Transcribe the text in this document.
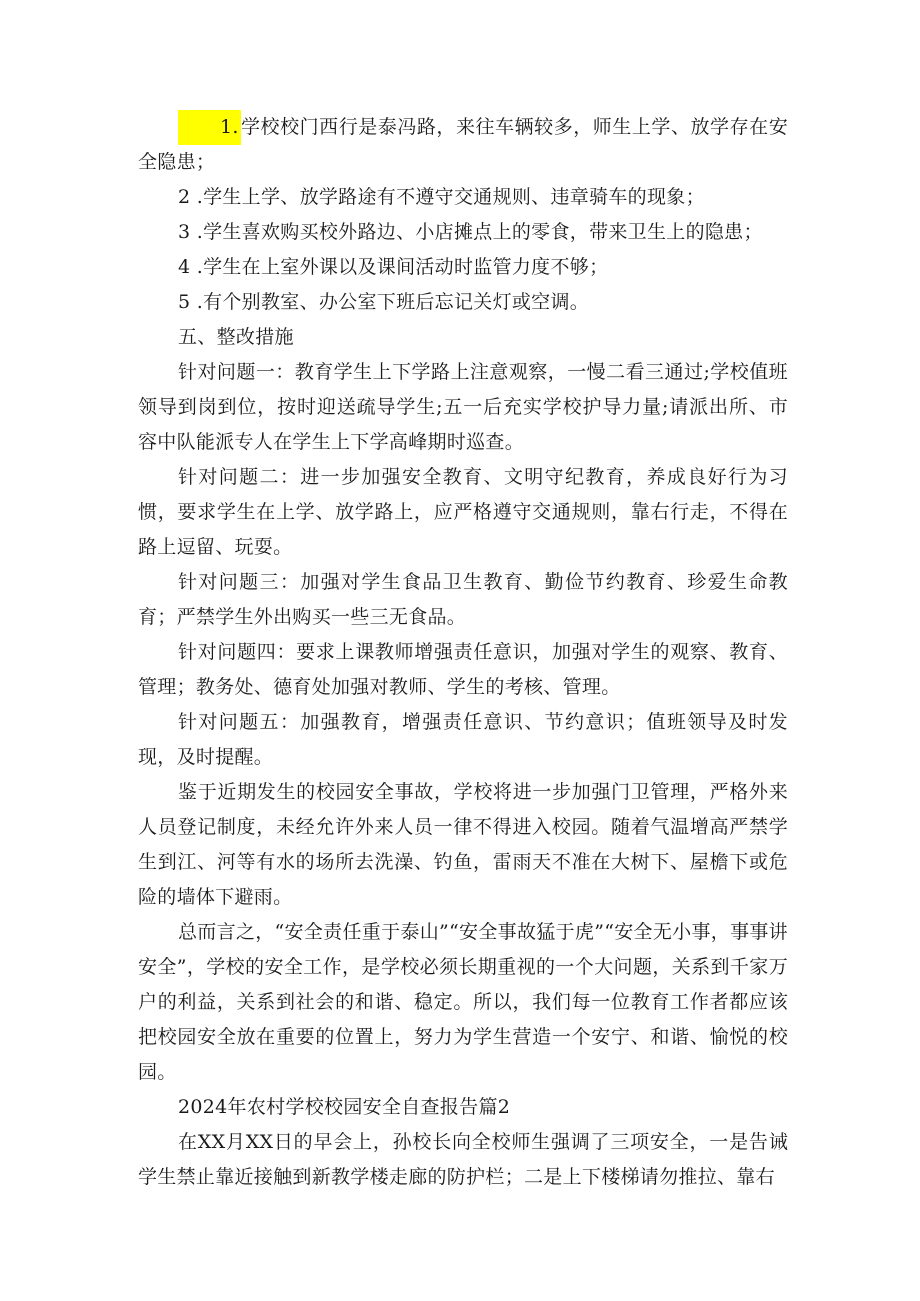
1. 学校校门西行是泰冯路，来往车辆较多，师生上学、放学存在安全隐患；

2 .学生上学、放学路途有不遵守交通规则、违章骑车的现象；

3 .学生喜欢购买校外路边、小店摊点上的零食，带来卫生上的隐患；

4 .学生在上室外课以及课间活动时监管力度不够；

5 .有个别教室、办公室下班后忘记关灯或空调。

五、整改措施

针对问题一：教育学生上下学路上注意观察，一慢二看三通过;学校值班领导到岗到位，按时迎送疏导学生;五一后充实学校护导力量;请派出所、市容中队能派专人在学生上下学高峰期时巡查。

针对问题二：进一步加强安全教育、文明守纪教育，养成良好行为习惯，要求学生在上学、放学路上，应严格遵守交通规则，靠右行走，不得在路上逗留、玩耍。

针对问题三：加强对学生食品卫生教育、勤俭节约教育、珍爱生命教育；严禁学生外出购买一些三无食品。

针对问题四：要求上课教师增强责任意识，加强对学生的观察、教育、管理；教务处、德育处加强对教师、学生的考核、管理。

针对问题五：加强教育，增强责任意识、节约意识；值班领导及时发现，及时提醒。

鉴于近期发生的校园安全事故，学校将进一步加强门卫管理，严格外来人员登记制度，未经允许外来人员一律不得进入校园。随着气温增高严禁学生到江、河等有水的场所去洗澡、钓鱼，雷雨天不准在大树下、屋檐下或危险的墙体下避雨。

总而言之，“安全责任重于泰山”“安全事故猛于虎”“安全无小事，事事讲安全”，学校的安全工作，是学校必须长期重视的一个大问题，关系到千家万户的利益，关系到社会的和谐、稳定。所以，我们每一位教育工作者都应该把校园安全放在重要的位置上，努力为学生营造一个安宁、和谐、愉悦的校园。

2024年农村学校校园安全自查报告篇2

在XX月XX日的早会上，孙校长向全校师生强调了三项安全，一是告诫学生禁止靠近接触到新教学楼走廊的防护栏；二是上下楼梯请勿推拉、靠右
